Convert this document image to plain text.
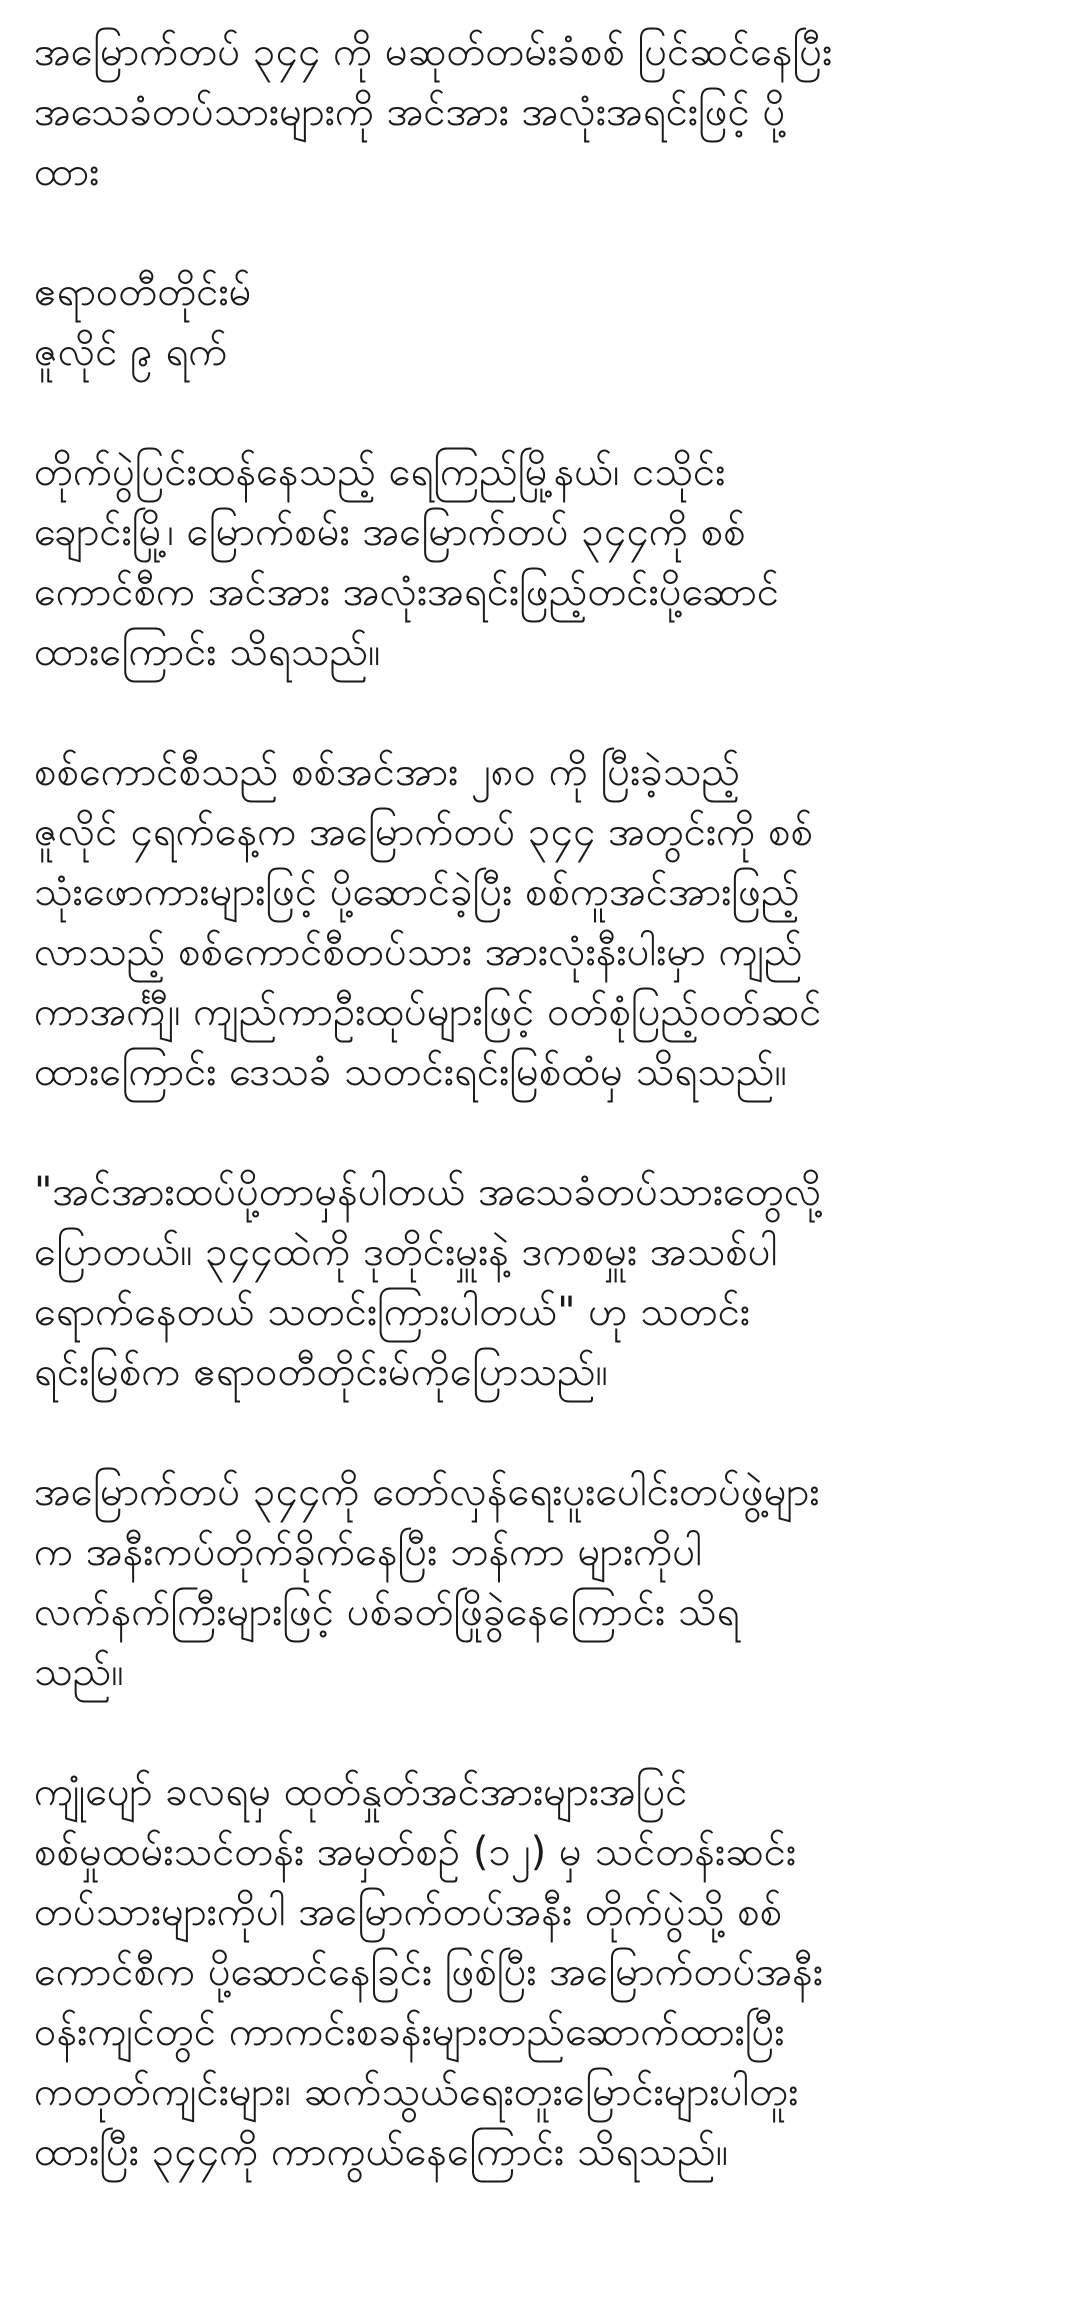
အမြောက်တပ် ၃၄၄ ကို မဆုတ်တမ်းခံစစ် ပြင်ဆင်နေပြီး
အသေခံတပ်သားများကို အင်အား အလုံးအရင်းဖြင့် ပို့
ထား
ဧရာဝတီတိုင်းမ်
ဇူလိုင် ၉ ရက်
တိုက်ပွဲပြင်းထန်နေသည့် ရေကြည်မြို့နယ်၊ ငသိုင်း
ချောင်းမြို့၊ မြောက်စမ်း အမြောက်တပ် ၃၄၄ကို စစ်
ကောင်စီက အင်အား အလုံးအရင်းဖြည့်တင်းပို့ဆောင်
ထားကြောင်း သိရသည်။
စစ်ကောင်စီသည် စစ်အင်အား ၂၈၀ ကို ပြီးခဲ့သည့်
ဇူလိုင် ၄ရက်နေ့က အမြောက်တပ် ၃၄၄ အတွင်းကို စစ်
သုံးဖောကားများဖြင့် ပို့ဆောင်ခဲ့ပြီး စစ်ကူအင်အားဖြည့်
လာသည့် စစ်ကောင်စီတပ်သား အားလုံးနီးပါးမှာ ကျည်
ကာအင်္ကျီ၊ ကျည်ကာဦးထုပ်များဖြင့် ဝတ်စုံပြည့်ဝတ်ဆင်
ထားကြောင်း ဒေသခံ သတင်းရင်းမြစ်ထံမှ သိရသည်။
"အင်အားထပ်ပို့တာမှန်ပါတယ် အသေခံတပ်သားတွေလို့
ပြောတယ်။ ၃၄၄ထဲကို ဒုတိုင်းမှူးနဲ့ ဒကစမှူး အသစ်ပါ
ရောက်နေတယ် သတင်းကြားပါတယ်" ဟု သတင်း
ရင်းမြစ်က ဧရာဝတီတိုင်းမ်ကိုပြောသည်။
အမြောက်တပ် ၃၄၄ကို တော်လှန်ရေးပူးပေါင်းတပ်ဖွဲ့များ
က အနီးကပ်တိုက်ခိုက်နေပြီး ဘန်ကာ များကိုပါ
လက်နက်ကြီးများဖြင့် ပစ်ခတ်ဖြိုခွဲနေကြောင်း သိရ
သည်။
ကျုံပျော် ခလရမှ ထုတ်နှုတ်အင်အားများအပြင်
စစ်မှုထမ်းသင်တန်း အမှတ်စဉ် (၁၂) မှ သင်တန်းဆင်း
တပ်သားများကိုပါ အမြောက်တပ်အနီး တိုက်ပွဲသို့ စစ်
ကောင်စီက ပို့ဆောင်နေခြင်း ဖြစ်ပြီး အမြောက်တပ်အနီး
ဝန်းကျင်တွင် ကာကင်းစခန်းများတည်ဆောက်ထားပြီး
ကတုတ်ကျင်းများ၊ ဆက်သွယ်ရေးတူးမြောင်းများပါတူး
ထားပြီး ၃၄၄ကို ကာကွယ်နေကြောင်း သိရသည်။
